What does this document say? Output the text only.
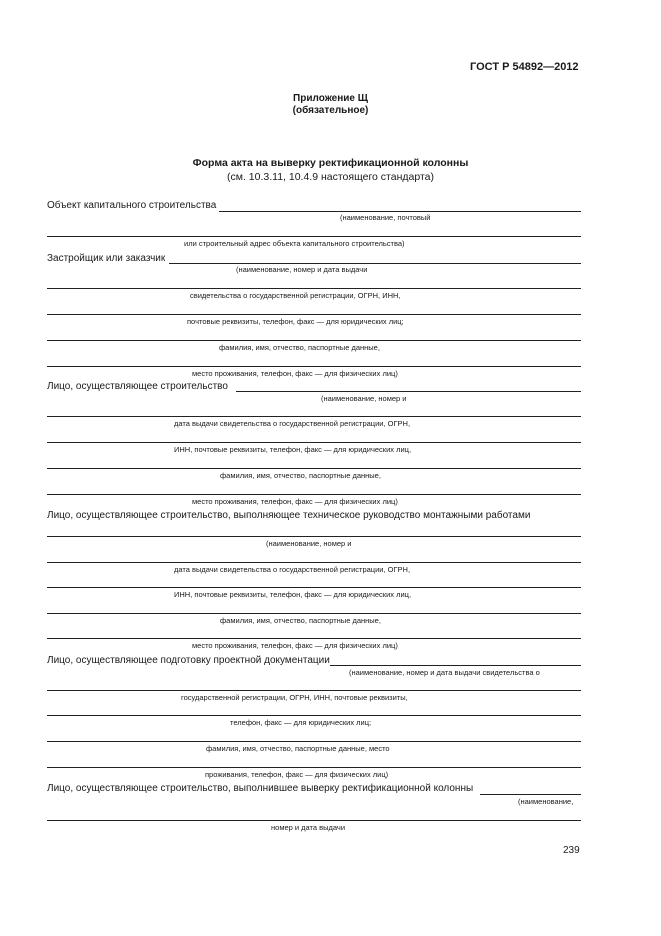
ГОСТ Р 54892—2012
Приложение Щ
(обязательное)
Форма акта на выверку ректификационной колонны
(см. 10.3.11, 10.4.9 настоящего стандарта)
Объект капитального строительства
(наименование, почтовый
или строительный адрес объекта капитального строительства)
Застройщик или заказчик
(наименование, номер и дата выдачи
свидетельства о государственной регистрации, ОГРН, ИНН,
почтовые реквизиты, телефон, факс — для юридических лиц;
фамилия, имя, отчество, паспортные данные,
место проживания, телефон, факс — для физических лиц)
Лицо, осуществляющее строительство
(наименование, номер и
дата выдачи свидетельства о государственной регистрации, ОГРН,
ИНН, почтовые реквизиты, телефон, факс — для юридических лиц,
фамилия, имя, отчество, паспортные данные,
место проживания, телефон, факс — для физических лиц)
Лицо, осуществляющее строительство, выполняющее техническое руководство монтажными работами
(наименование, номер и
дата выдачи свидетельства о государственной регистрации, ОГРН,
ИНН, почтовые реквизиты, телефон, факс — для юридических лиц,
фамилия, имя, отчество, паспортные данные,
место проживания, телефон, факс — для физических лиц)
Лицо, осуществляющее подготовку проектной документации
(наименование, номер и дата выдачи свидетельства о
государственной регистрации, ОГРН, ИНН, почтовые реквизиты,
телефон, факс — для юридических лиц;
фамилия, имя, отчество, паспортные данные, место
проживания, телефон, факс — для физических лиц)
Лицо, осуществляющее строительство, выполнившее выверку ректификационной колонны
(наименование,
номер и дата выдачи
239
